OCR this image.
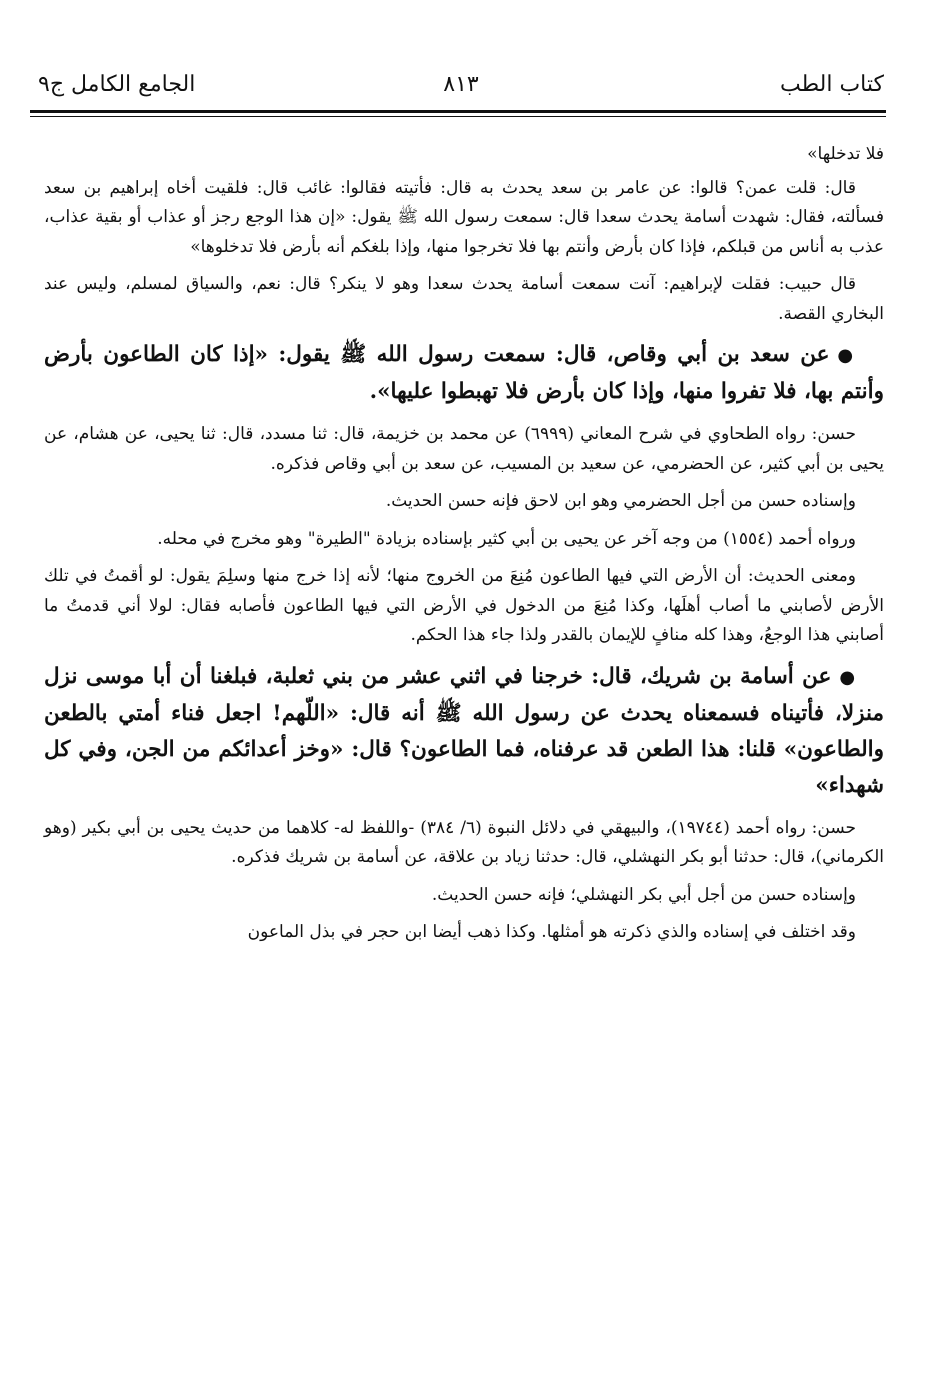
كتاب الطب
٨١٣
الجامع الكامل ج٩

فلا تدخلها»

قال: قلت عمن؟ قالوا: عن عامر بن سعد يحدث به قال: فأتيته فقالوا: غائب قال: فلقيت أخاه إبراهيم بن سعد فسألته، فقال: شهدت أسامة يحدث سعدا قال: سمعت رسول الله ﷺ يقول: «إن هذا الوجع رجز أو عذاب أو بقية عذاب، عذب به أناس من قبلكم، فإذا كان بأرض وأنتم بها فلا تخرجوا منها، وإذا بلغكم أنه بأرض فلا تدخلوها»

قال حبيب: فقلت لإبراهيم: آنت سمعت أسامة يحدث سعدا وهو لا ينكر؟ قال: نعم، والسياق لمسلم، وليس عند البخاري القصة.

●عن سعد بن أبي وقاص، قال: سمعت رسول الله ﷺ يقول: «إذا كان الطاعون بأرض وأنتم بها، فلا تفروا منها، وإذا كان بأرض فلا تهبطوا عليها».

حسن: رواه الطحاوي في شرح المعاني (٦٩٩٩) عن محمد بن خزيمة، قال: ثنا مسدد، قال: ثنا يحيى، عن هشام، عن يحيى بن أبي كثير، عن الحضرمي، عن سعيد بن المسيب، عن سعد بن أبي وقاص فذكره.

وإسناده حسن من أجل الحضرمي وهو ابن لاحق فإنه حسن الحديث.

ورواه أحمد (١٥٥٤) من وجه آخر عن يحيى بن أبي كثير بإسناده بزيادة "الطيرة" وهو مخرج في محله.

ومعنى الحديث: أن الأرض التي فيها الطاعون مُنِعَ من الخروج منها؛ لأنه إذا خرج منها وسلِمَ يقول: لو أقمتُ في تلك الأرض لأصابني ما أصاب أهلَها، وكذا مُنِعَ من الدخول في الأرض التي فيها الطاعون فأصابه فقال: لولا أني قدمتُ ما أصابني هذا الوجعُ، وهذا كله منافٍ للإيمان بالقدر ولذا جاء هذا الحكم.

●عن أسامة بن شريك، قال: خرجنا في اثني عشر من بني ثعلبة، فبلغنا أن أبا موسى نزل منزلا، فأتيناه فسمعناه يحدث عن رسول الله ﷺ أنه قال: «اللّهم! اجعل فناء أمتي بالطعن والطاعون» قلنا: هذا الطعن قد عرفناه، فما الطاعون؟ قال: «وخز أعدائكم من الجن، وفي كل شهداء»

حسن: رواه أحمد (١٩٧٤٤)، والبيهقي في دلائل النبوة (٦/ ٣٨٤) -واللفظ له- كلاهما من حديث يحيى بن أبي بكير (وهو الكرماني)، قال: حدثنا أبو بكر النهشلي، قال: حدثنا زياد بن علاقة، عن أسامة بن شريك فذكره.

وإسناده حسن من أجل أبي بكر النهشلي؛ فإنه حسن الحديث.

وقد اختلف في إسناده والذي ذكرته هو أمثلها. وكذا ذهب أيضا ابن حجر في بذل الماعون
